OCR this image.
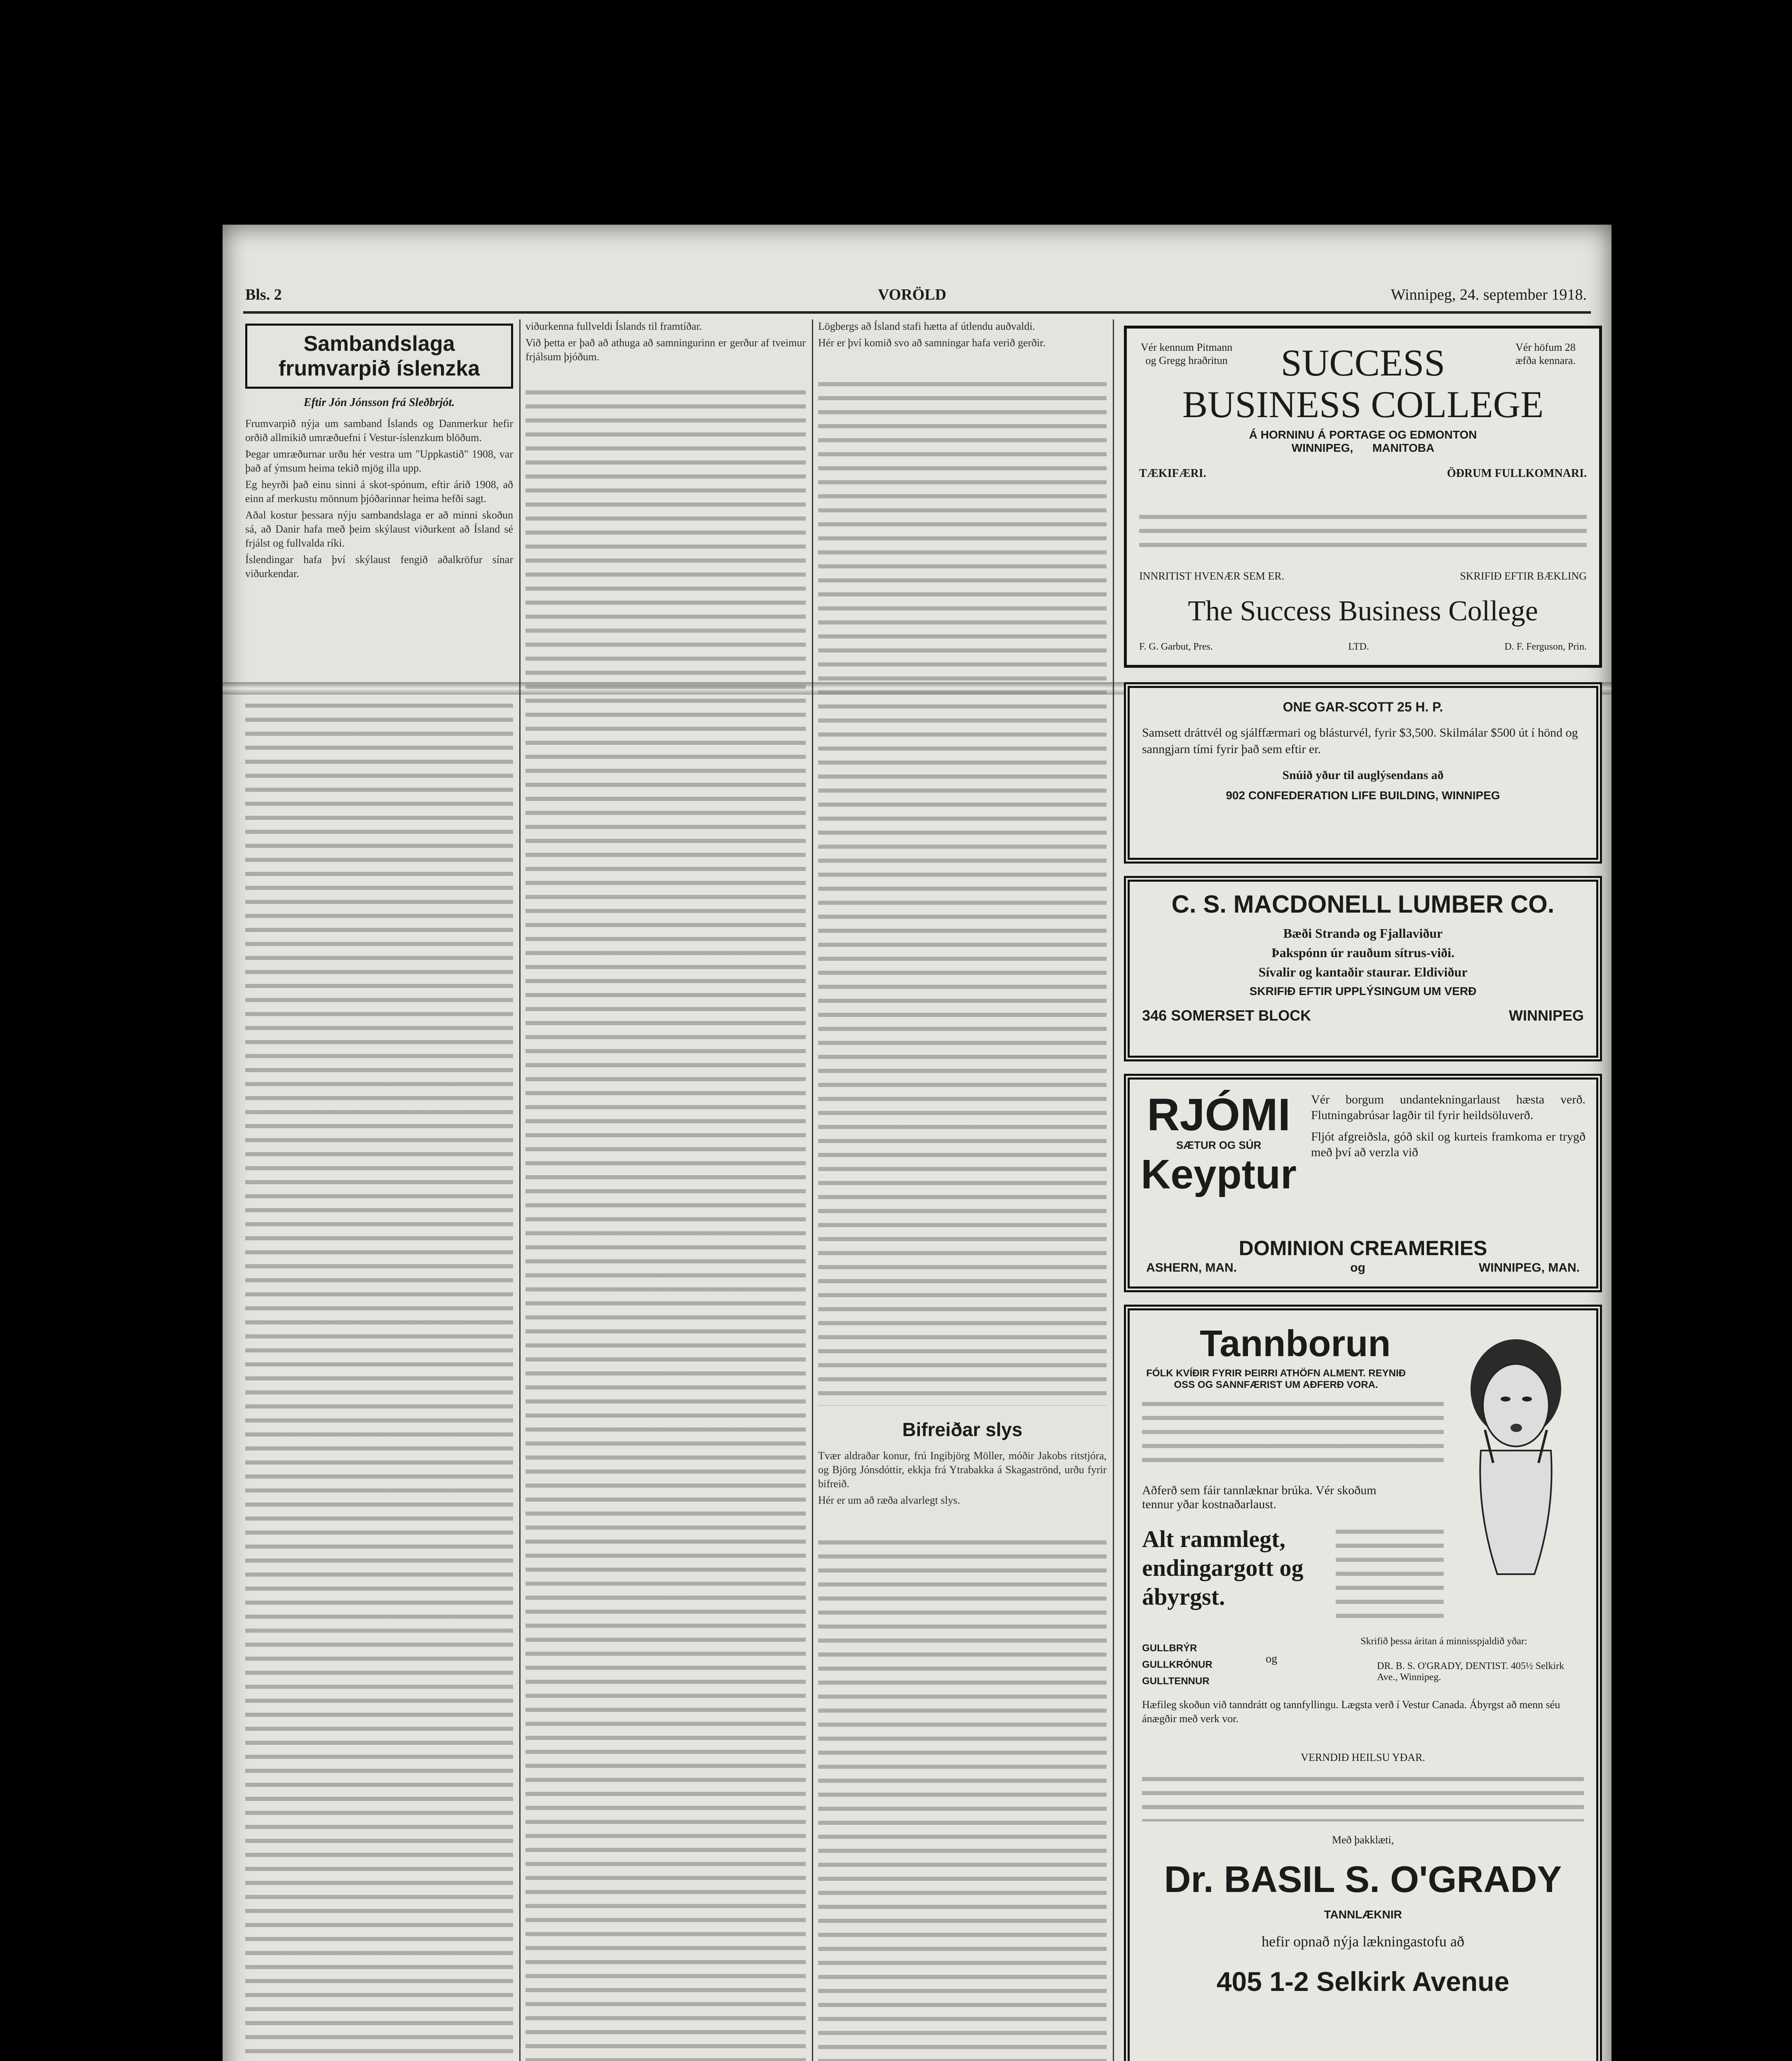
Bls. 2	VORÖLD	Winnipeg, 24. september 1918.
Sambandslaga frumvarpið íslenzka
Eftir Jón Jónsson frá Sleðbrjót.

Frumvarpið nýja um samband Íslands og Danmerkur hefir orðið allmikið umræðuefni í Vestur-íslenzkum blöðum.

Þegar umræðurnar urðu hér vestra um "Uppkastið" 1908, var það af ýmsum heima tekið mjög illa upp.

Eg heyrði það einu sinni á skot-spónum, eftir árið 1908, að einn af merkustu mönnum þjóðarinnar heima hefði sagt.

Aðal kostur þessara nýju sambandslaga er að minni skoðun sá, að Danir hafa með þeim skýlaust viðurkent að Ísland sé frjálst og fullvalda ríki.

Íslendingar hafa því skýlaust fengið aðalkröfur sínar viðurkendar.

viðurkenna fullveldi Íslands til framtíðar.

Við þetta er það að athuga að samningurinn er gerður af tveimur frjálsum þjóðum.

Lögbergs að Ísland stafi hætta af útlendu auðvaldi.

Hér er því komið svo að samningar hafa verið gerðir.

Bifreiðar slys

Tvær aldraðar konur, frú Ingibjörg Möller, móðir Jakobs ritstjóra, og Björg Jónsdóttir, ekkja frá Ytrabakka á Skagaströnd, urðu fyrir bifreið.

Hér er um að ræða alvarlegt slys.

Vér kennum Pitmann og Gregg hraðritun
Vér höfum 28 æfða kennara.
SUCCESS
BUSINESS COLLEGE
Á HORNINU Á PORTAGE OG EDMONTON
WINNIPEG, MANITOBA
TÆKIFÆRI.	ÖÐRUM FULLKOMNARI.
INNRITIST HVENÆR SEM ER.	SKRIFIÐ EFTIR BÆKLING
The Success Business College
F. G. Garbut, Pres.	LTD.	D. F. Ferguson, Prin.
ONE GAR-SCOTT 25 H. P.
Samsett dráttvél og sjálffærmari og blásturvél, fyrir $3,500. Skilmálar $500 út í hönd og sanngjarn tími fyrir það sem eftir er.
Snúið yður til auglýsendans að
902 CONFEDERATION LIFE BUILDING, WINNIPEG
C. S. MACDONELL LUMBER CO.
Bæði Strandə og Fjallaviður
Þakspónn úr rauðum sítrus-viði.
Sívalir og kantaðir staurar. Eldiviður
SKRIFIÐ EFTIR UPPLÝSINGUM UM VERÐ
346 SOMERSET BLOCK	WINNIPEG
RJÓMI
SÆTUR OG SÚR
Keyptur
Vér borgum undantekningarlaust hæsta verð. Flutningabrúsar lagðir til fyrir heildsöluverð.
Fljót afgreiðsla, góð skil og kurteis framkoma er trygð með því að verzla við
DOMINION CREAMERIES
ASHERN, MAN.	og	WINNIPEG, MAN.
Tannborun
FÓLK KVÍÐIR FYRIR ÞEIRRI ATHÖFN ALMENT. REYNIÐ OSS OG SANNFÆRIST UM AÐFERÐ VORA.
Aðferð sem fáir tannlæknar brúka. Vér skoðum tennur yðar kostnaðarlaust.
Alt rammlegt, endingargott og ábyrgst.
GULLBRÝR
GULLKRÓNUR
GULLTENNUR
og
Skrifið þessa áritan á minnisspjaldið yðar:
DR. B. S. O'GRADY, DENTIST. 405½ Selkirk Ave., Winnipeg.
Hæfileg skoðun við tanndrátt og tannfyllingu. Lægsta verð í Vestur Canada. Ábyrgst að menn séu ánægðir með verk vor.
VERNDIÐ HEILSU YÐAR.
Með þakklæti,
Dr. BASIL S. O'GRADY
TANNLÆKNIR
hefir opnað nýja lækningastofu að
405 1-2 Selkirk Avenue
